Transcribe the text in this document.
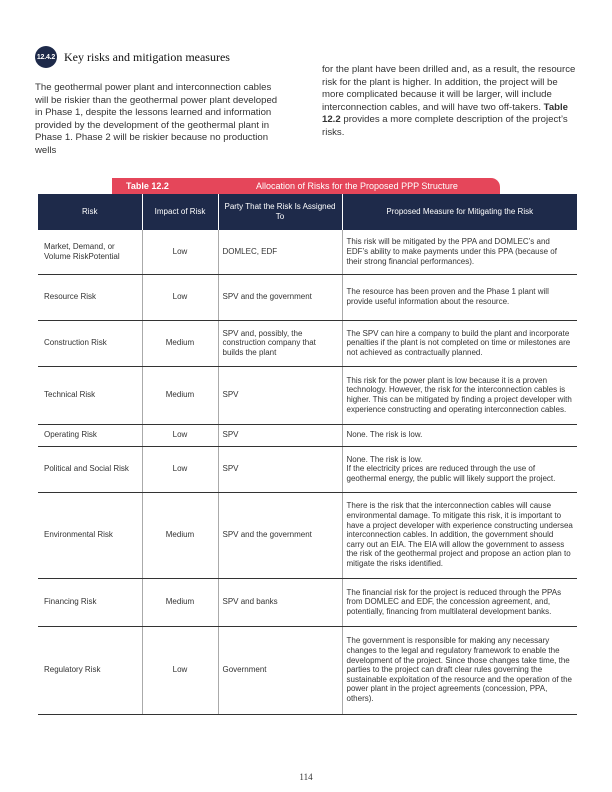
12.4.2 Key risks and mitigation measures
The geothermal power plant and interconnection cables will be riskier than the geothermal power plant developed in Phase 1, despite the lessons learned and information provided by the development of the geothermal plant in Phase 1. Phase 2 will be riskier because no production wells
for the plant have been drilled and, as a result, the resource risk for the plant is higher. In addition, the project will be more complicated because it will be larger, will include interconnection cables, and will have two off-takers. Table 12.2 provides a more complete description of the project’s risks.
Table 12.2	Allocation of Risks for the Proposed PPP Structure
Risk	Impact of Risk	Party That the Risk Is Assigned To	Proposed Measure for Mitigating the Risk
Market, Demand, or Volume RiskPotential	Low	DOMLEC, EDF	This risk will be mitigated by the PPA and DOMLEC’s and EDF’s ability to make payments under this PPA (because of their strong financial performances).
Resource Risk	Low	SPV and the government	The resource has been proven and the Phase 1 plant will provide useful information about the resource.
Construction Risk	Medium	SPV and, possibly, the construction company that builds the plant	The SPV can hire a company to build the plant and incorporate penalties if the plant is not completed on time or milestones are not achieved as contractually planned.
Technical Risk	Medium	SPV	This risk for the power plant is low because it is a proven technology. However, the risk for the interconnection cables is higher. This can be mitigated by finding a project developer with experience constructing and operating interconnection cables.
Operating Risk	Low	SPV	None. The risk is low.
Political and Social Risk	Low	SPV	None. The risk is low.
If the electricity prices are reduced through the use of geothermal energy, the public will likely support the project.
Environmental Risk	Medium	SPV and the government	There is the risk that the interconnection cables will cause environmental damage. To mitigate this risk, it is important to have a project developer with experience constructing undersea interconnection cables. In addition, the government should carry out an EIA. The EIA will allow the government to assess the risk of the geothermal project and propose an action plan to mitigate the risks identified.
Financing Risk	Medium	SPV and banks	The financial risk for the project is reduced through the PPAs from DOMLEC and EDF, the concession agreement, and, potentially, financing from multilateral development banks.
Regulatory Risk	Low	Government	The government is responsible for making any necessary changes to the legal and regulatory framework to enable the development of the project. Since those changes take time, the parties to the project can draft clear rules governing the sustainable exploitation of the resource and the operation of the power plant in the project agreements (concession, PPA, others).
114
